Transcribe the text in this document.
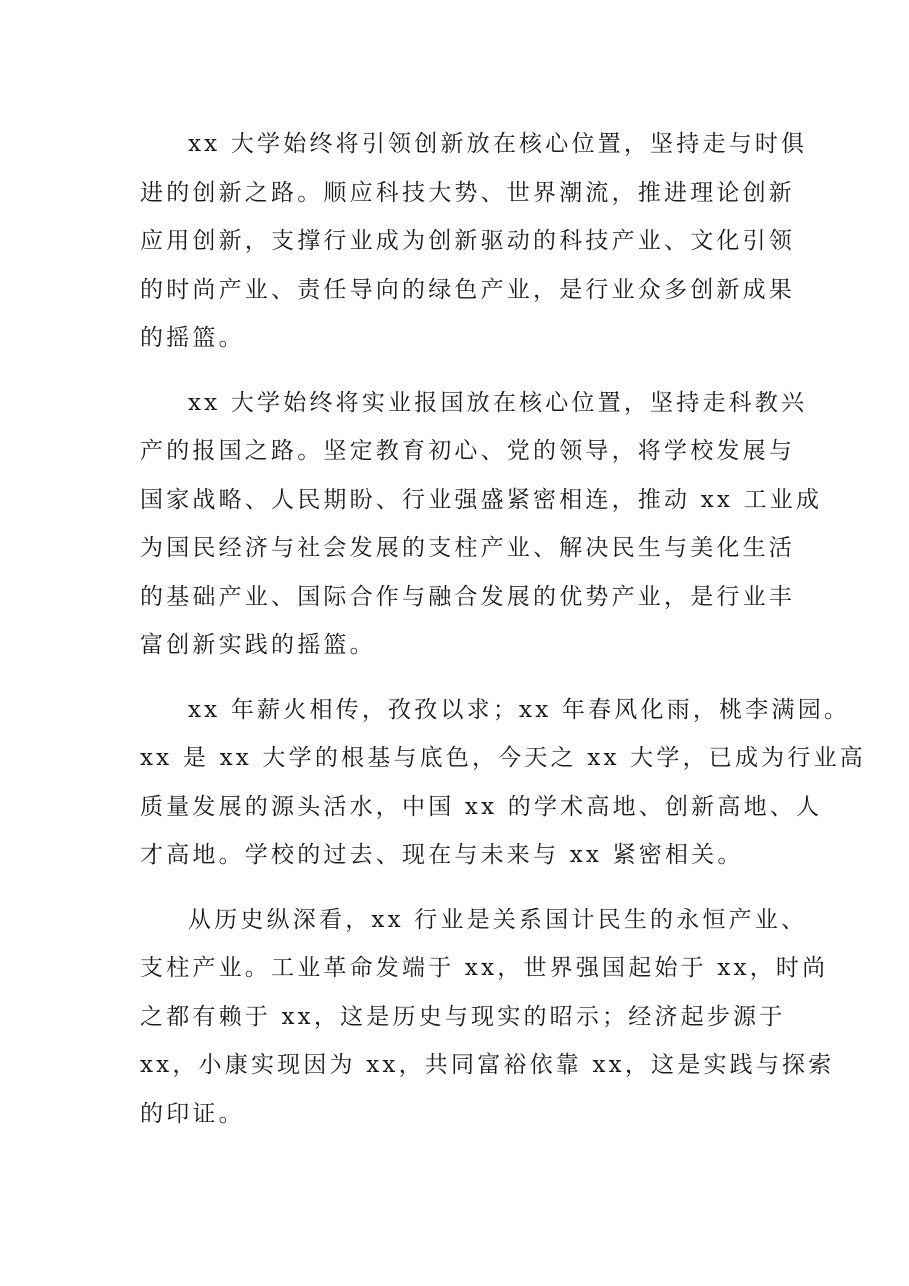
xx 大学始终将引领创新放在核心位置，坚持走与时俱
进的创新之路。顺应科技大势、世界潮流，推进理论创新
应用创新，支撑行业成为创新驱动的科技产业、文化引领
的时尚产业、责任导向的绿色产业，是行业众多创新成果
的摇篮。

xx 大学始终将实业报国放在核心位置，坚持走科教兴
产的报国之路。坚定教育初心、党的领导，将学校发展与
国家战略、人民期盼、行业强盛紧密相连，推动 xx 工业成
为国民经济与社会发展的支柱产业、解决民生与美化生活
的基础产业、国际合作与融合发展的优势产业，是行业丰
富创新实践的摇篮。

xx 年薪火相传，孜孜以求；xx 年春风化雨，桃李满园。
xx 是 xx 大学的根基与底色，今天之 xx 大学，已成为行业高
质量发展的源头活水，中国 xx 的学术高地、创新高地、人
才高地。学校的过去、现在与未来与 xx 紧密相关。

从历史纵深看，xx 行业是关系国计民生的永恒产业、
支柱产业。工业革命发端于 xx，世界强国起始于 xx，时尚
之都有赖于 xx，这是历史与现实的昭示；经济起步源于
xx，小康实现因为 xx，共同富裕依靠 xx，这是实践与探索
的印证。
